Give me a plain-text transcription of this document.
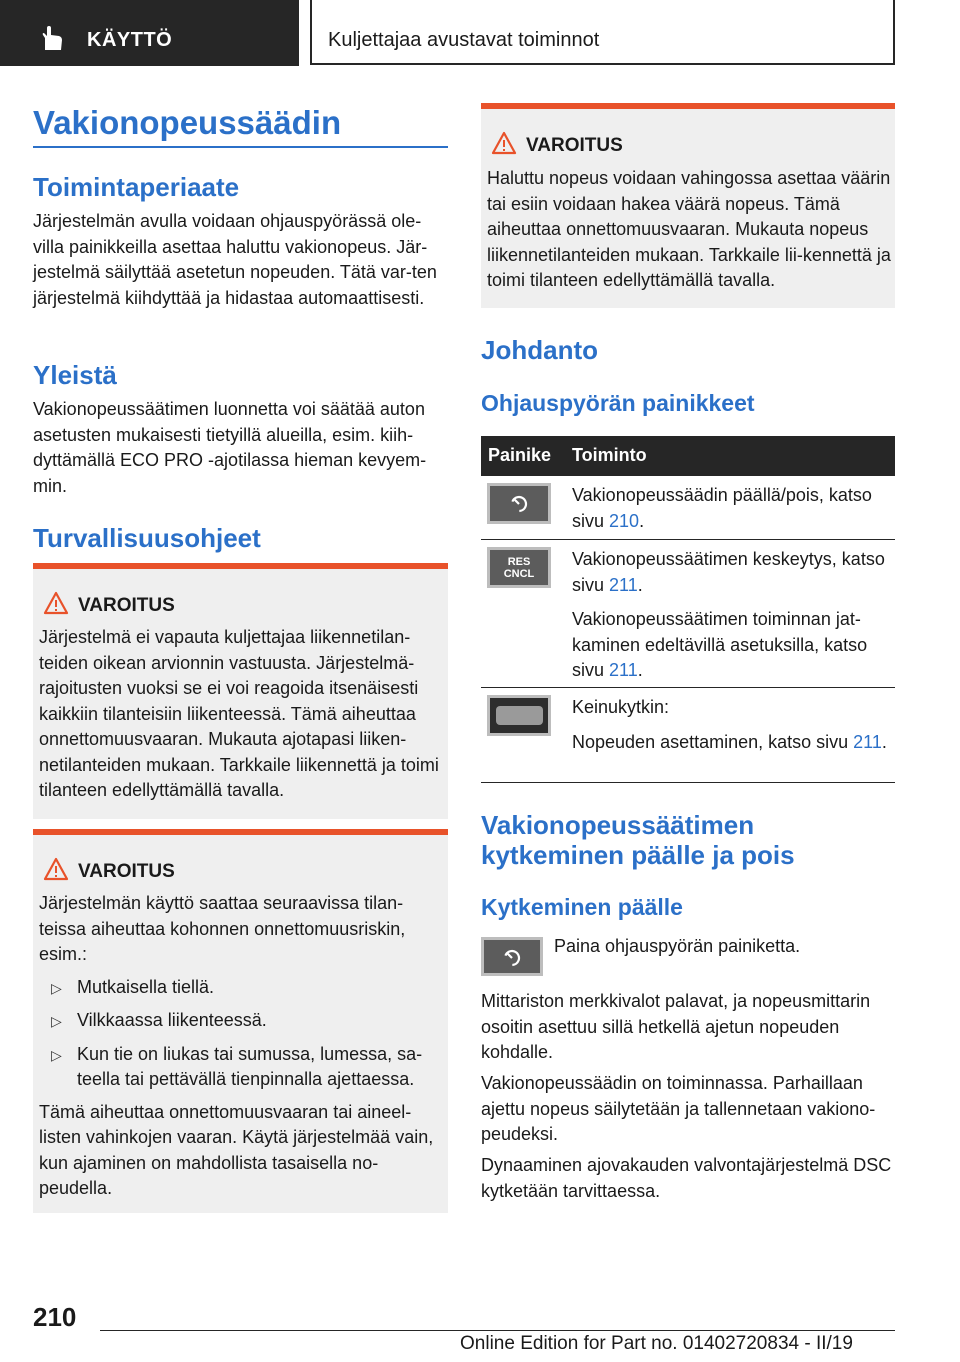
KÄYTTÖ	Kuljettajaa avustavat toiminnot
Vakionopeussäädin
Toimintaperiaate
Järjestelmän avulla voidaan ohjauspyörässä ole-villa painikkeilla asettaa haluttu vakionopeus. Jär-jestelmä säilyttää asetetun nopeuden. Tätä var-ten järjestelmä kiihdyttää ja hidastaa automaattisesti.
Yleistä
Vakionopeussäätimen luonnetta voi säätää auton asetusten mukaisesti tietyillä alueilla, esim. kiih-dyttämällä ECO PRO -ajotilassa hieman kevyem-min.
Turvallisuusohjeet
VAROITUS
Järjestelmä ei vapauta kuljettajaa liikennetilan-teiden oikean arvionnin vastuusta. Järjestelmä-rajoitusten vuoksi se ei voi reagoida itsenäisesti kaikkiin tilanteisiin liikenteessä. Tämä aiheuttaa onnettomuusvaaran. Mukauta ajotapasi liiken-netilanteiden mukaan. Tarkkaile liikennettä ja toimi tilanteen edellyttämällä tavalla.
VAROITUS

Järjestelmän käyttö saattaa seuraavissa tilan-teissa aiheuttaa kohonnen onnettomuusriskin, esim.:

▷ Mutkaisella tiellä.
▷ Vilkkaassa liikenteessä.
▷ Kun tie on liukas tai sumussa, lumessa, sa-teella tai pettävällä tienpinnalla ajettaessa.

Tämä aiheuttaa onnettomuusvaaran tai aineel-listen vahinkojen vaaran. Käytä järjestelmää vain, kun ajaminen on mahdollista tasaisella no-peudella.

VAROITUS
Haluttu nopeus voidaan vahingossa asettaa väärin tai esiin voidaan hakea väärä nopeus. Tämä aiheuttaa onnettomuusvaaran. Mukauta nopeus liikennetilanteiden mukaan. Tarkkaile lii-kennettä ja toimi tilanteen edellyttämällä tavalla.
Johdanto
Ohjauspyörän painikkeet
Painike Toiminto

Vakionopeussäädin päällä/pois, katso sivu 210.

RES
CNCL

Vakionopeussäätimen keskeytys, katso sivu 211.

Vakionopeussäätimen toiminnan jat-kaminen edeltävillä asetuksilla, katso sivu 211.

Keinukytkin:

Nopeuden asettaminen, katso sivu 211.

Vakionopeussäätimen kytkeminen päälle ja pois
Kytkeminen päälle
Paina ohjauspyörän painiketta.
Mittariston merkkivalot palavat, ja nopeusmittarin osoitin asettuu sillä hetkellä ajetun nopeuden kohdalle.
Vakionopeussäädin on toiminnassa. Parhaillaan ajettu nopeus säilytetään ja tallennetaan vakiono-peudeksi.
Dynaaminen ajovakauden valvontajärjestelmä DSC kytketään tarvittaessa.
210
Online Edition for Part no. 01402720834 - II/19
